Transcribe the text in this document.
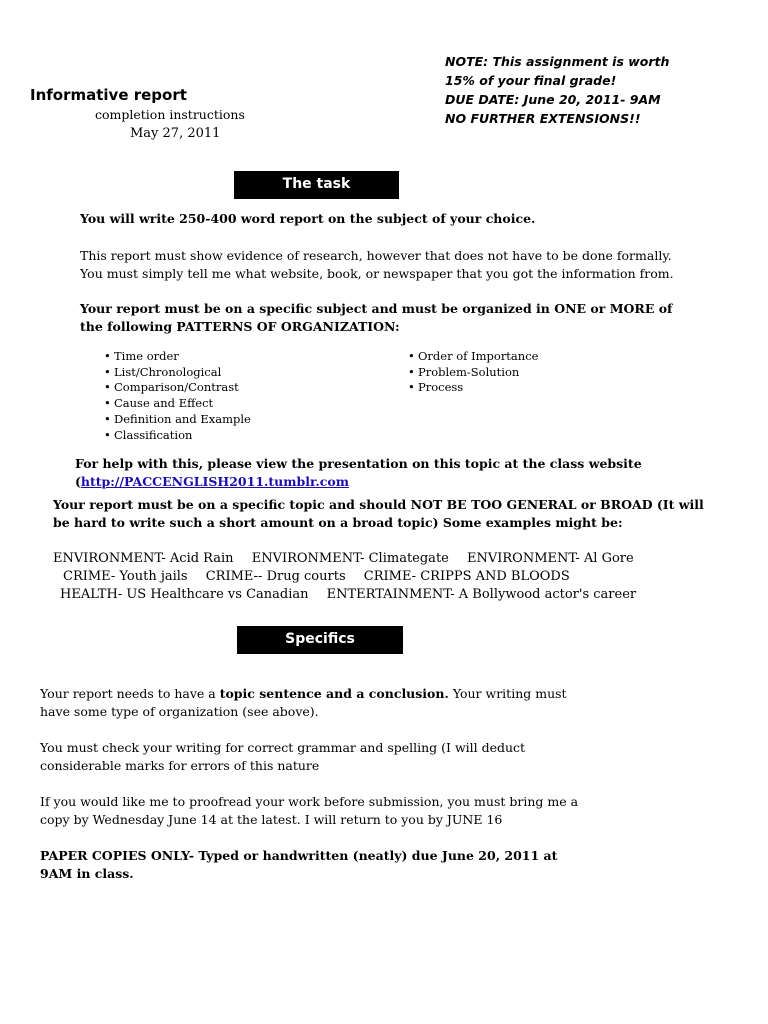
NOTE: This assignment is worth
15% of your final grade!
DUE DATE: June 20, 2011- 9AM
NO FURTHER EXTENSIONS!!
Informative report
completion instructions
May 27, 2011
The task
You will write 250-400 word report on the subject of your choice.
This report must show evidence of research, however that does not have to be done formally.
You must simply tell me what website, book, or newspaper that you got the information from.
Your report must be on a specific subject and must be organized in ONE or MORE of
the following PATTERNS OF ORGANIZATION:
• Time order
• List/Chronological
• Comparison/Contrast
• Cause and Effect
• Definition and Example
• Classification
• Order of Importance
• Problem-Solution
• Process
For help with this, please view the presentation on this topic at the class website
(http://PACCENGLISH2011.tumblr.com
Your report must be on a specific topic and should NOT BE TOO GENERAL or BROAD (It will
be hard to write such a short amount on a broad topic) Some examples might be:
ENVIRONMENT- Acid Rain ENVIRONMENT- Climategate ENVIRONMENT- Al Gore
CRIME- Youth jails CRIME-- Drug courts CRIME- CRIPPS AND BLOODS
HEALTH- US Healthcare vs Canadian ENTERTAINMENT- A Bollywood actor's career
Specifics
Your report needs to have a topic sentence and a conclusion. Your writing must
have some type of organization (see above).
You must check your writing for correct grammar and spelling (I will deduct
considerable marks for errors of this nature
If you would like me to proofread your work before submission, you must bring me a
copy by Wednesday June 14 at the latest. I will return to you by JUNE 16
PAPER COPIES ONLY- Typed or handwritten (neatly) due June 20, 2011 at
9AM in class.
